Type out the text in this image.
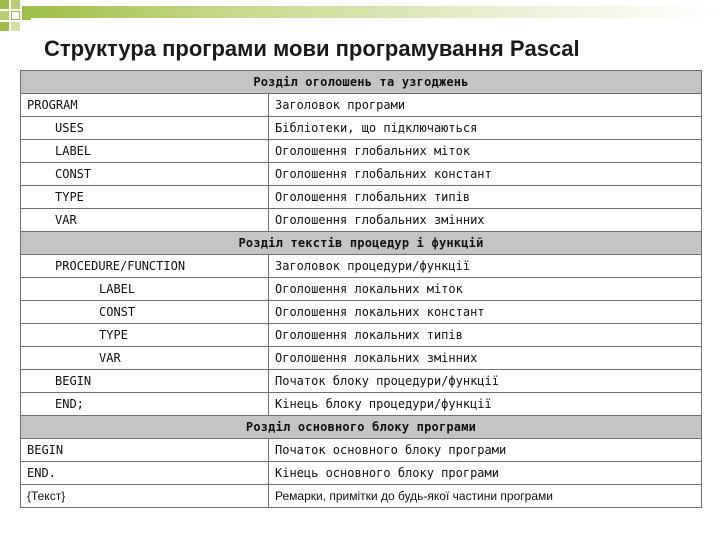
Структура програми мови програмування Pascal
Розділ оголошень та узгоджень	
PROGRAM	Заголовок програми
USES	Бібліотеки, що підключаються
LABEL	Оголошення глобальних міток
CONST	Оголошення глобальних констант
TYPE	Оголошення глобальних типів
VAR	Оголошення глобальних змінних
Розділ текстів процедур і функцій	
PROCEDURE/FUNCTION	Заголовок процедури/функції
LABEL	Оголошення локальних міток
CONST	Оголошення локальних констант
TYPE	Оголошення локальних типів
VAR	Оголошення локальних змінних
BEGIN	Початок блоку процедури/функції
END;	Кінець блоку процедури/функції
Розділ основного блоку програми	
BEGIN	Початок основного блоку програми
END.	Кінець основного блоку програми
{Текст}	Ремарки, примітки до будь-якої частини програми
